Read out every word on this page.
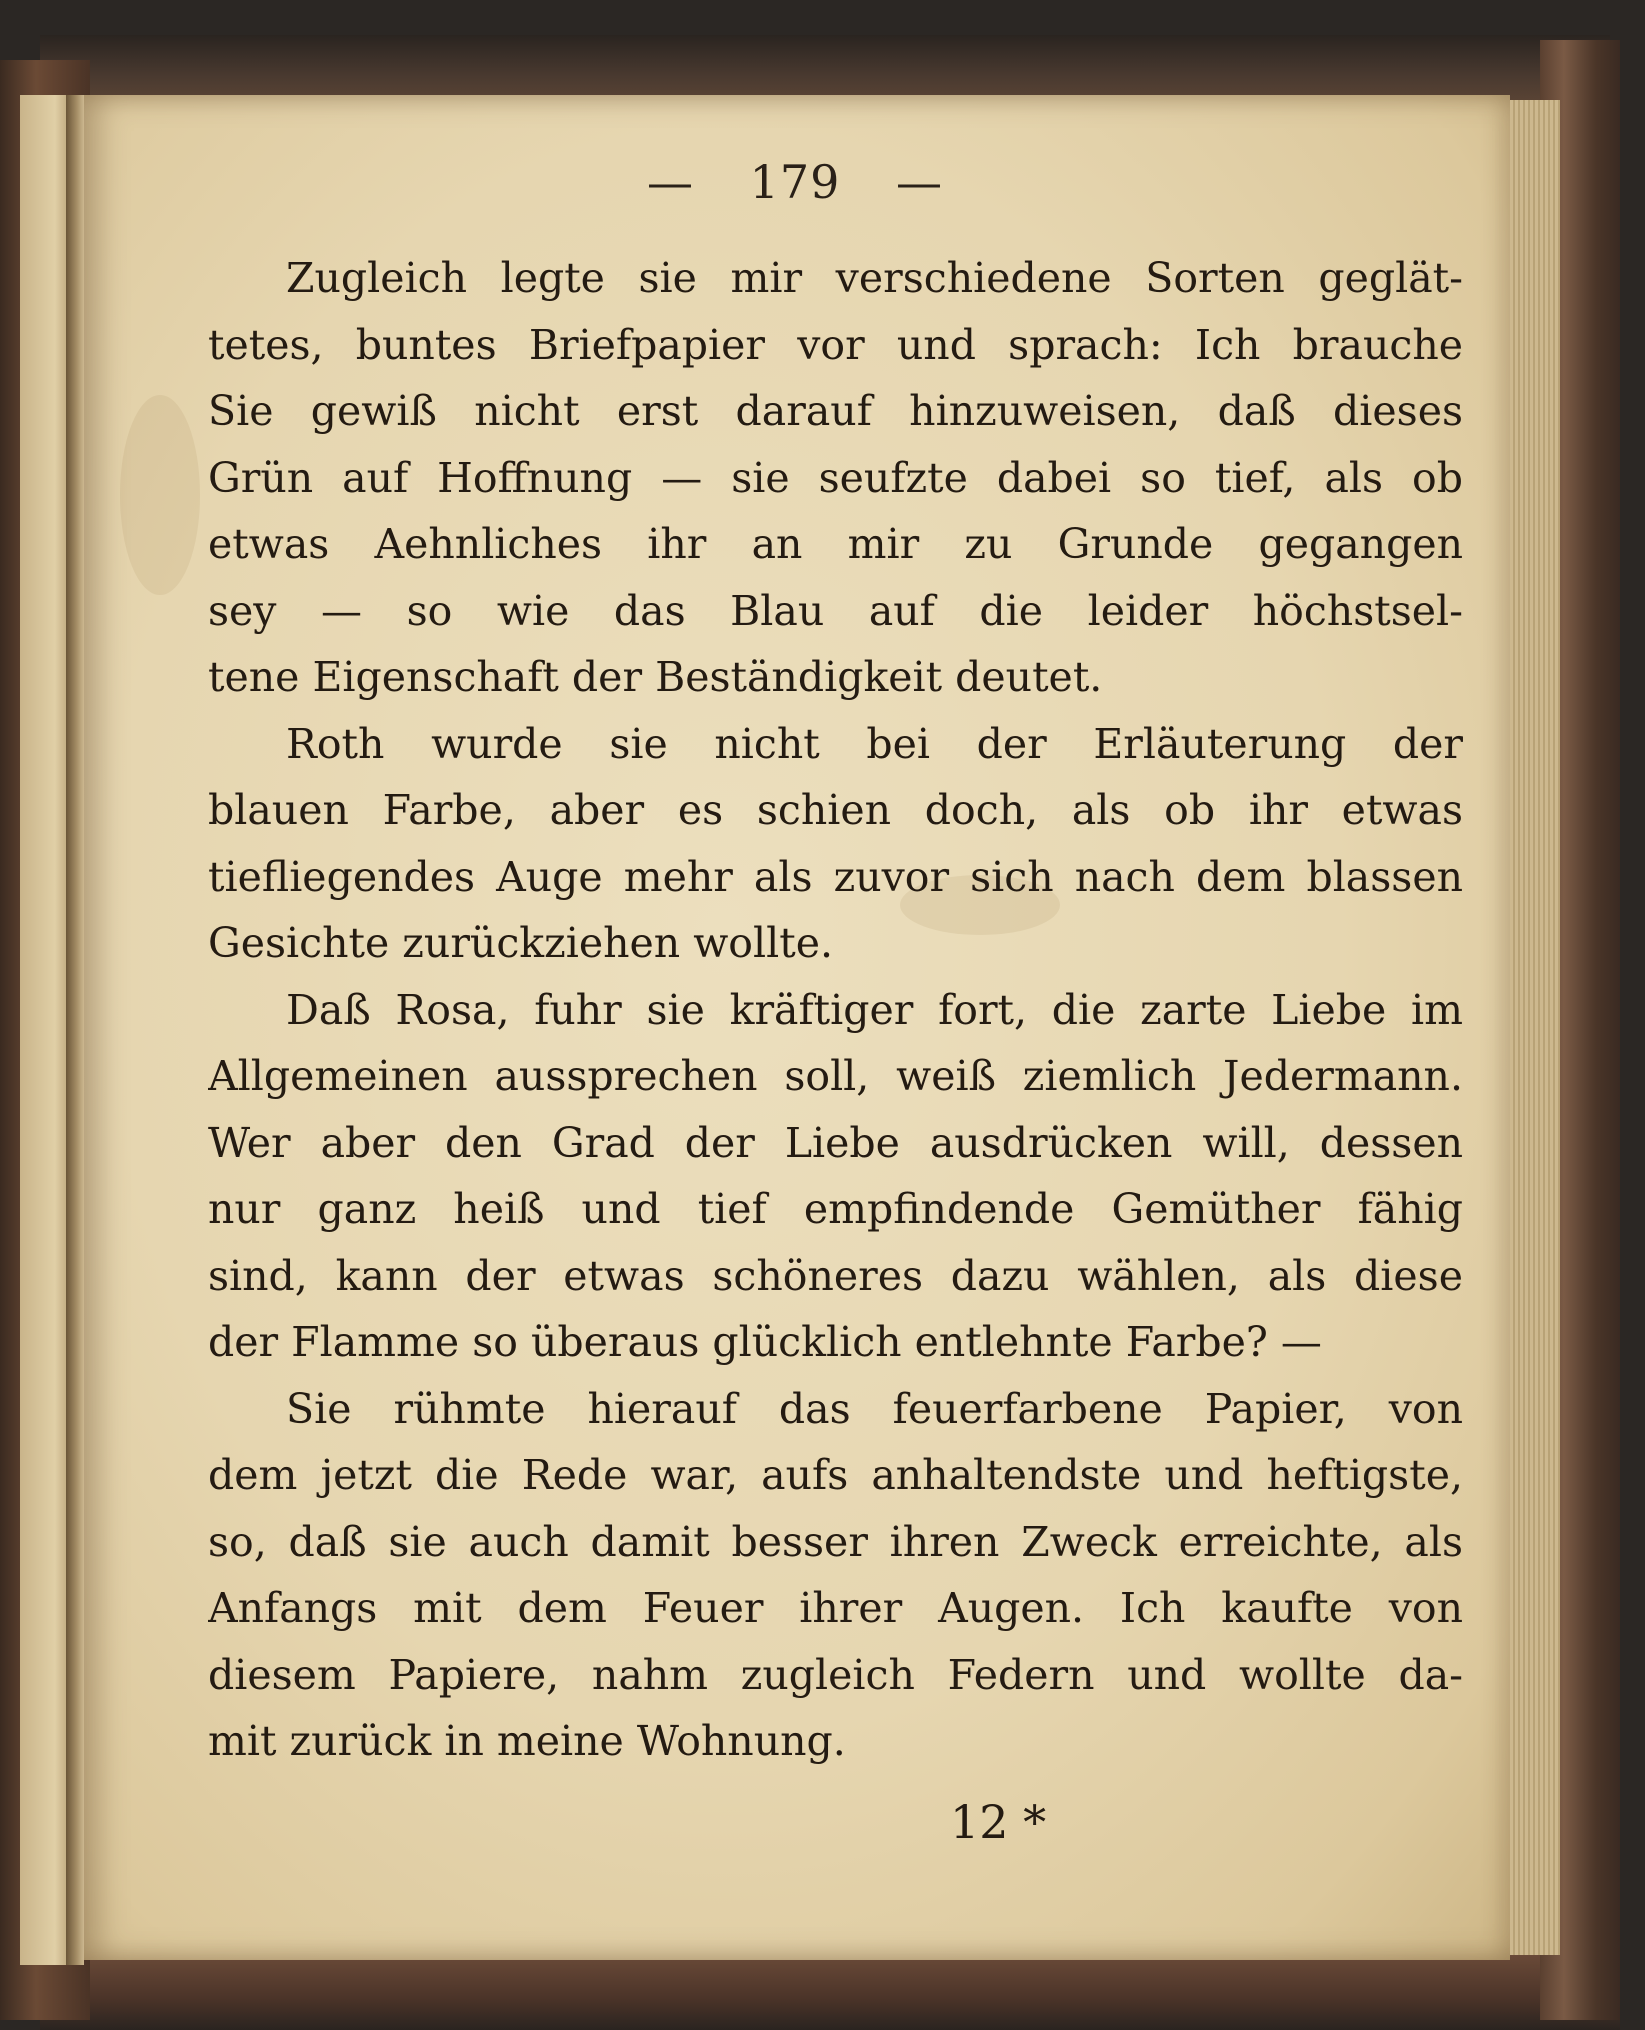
— 179 —
Zugleich legte sie mir verschiedene Sorten geglät-
tetes, buntes Briefpapier vor und sprach: Ich brauche
Sie gewiß nicht erst darauf hinzuweisen, daß dieses
Grün auf Hoffnung — sie seufzte dabei so tief, als ob
etwas Aehnliches ihr an mir zu Grunde gegangen
sey — so wie das Blau auf die leider höchstsel-
tene Eigenschaft der Beständigkeit deutet.
Roth wurde sie nicht bei der Erläuterung der
blauen Farbe, aber es schien doch, als ob ihr etwas
tiefliegendes Auge mehr als zuvor sich nach dem blassen
Gesichte zurückziehen wollte.
Daß Rosa, fuhr sie kräftiger fort, die zarte Liebe im
Allgemeinen aussprechen soll, weiß ziemlich Jedermann.
Wer aber den Grad der Liebe ausdrücken will, dessen
nur ganz heiß und tief empfindende Gemüther fähig
sind, kann der etwas schöneres dazu wählen, als diese
der Flamme so überaus glücklich entlehnte Farbe? —
Sie rühmte hierauf das feuerfarbene Papier, von
dem jetzt die Rede war, aufs anhaltendste und heftigste,
so, daß sie auch damit besser ihren Zweck erreichte, als
Anfangs mit dem Feuer ihrer Augen. Ich kaufte von
diesem Papiere, nahm zugleich Federn und wollte da-
mit zurück in meine Wohnung.
12 *
